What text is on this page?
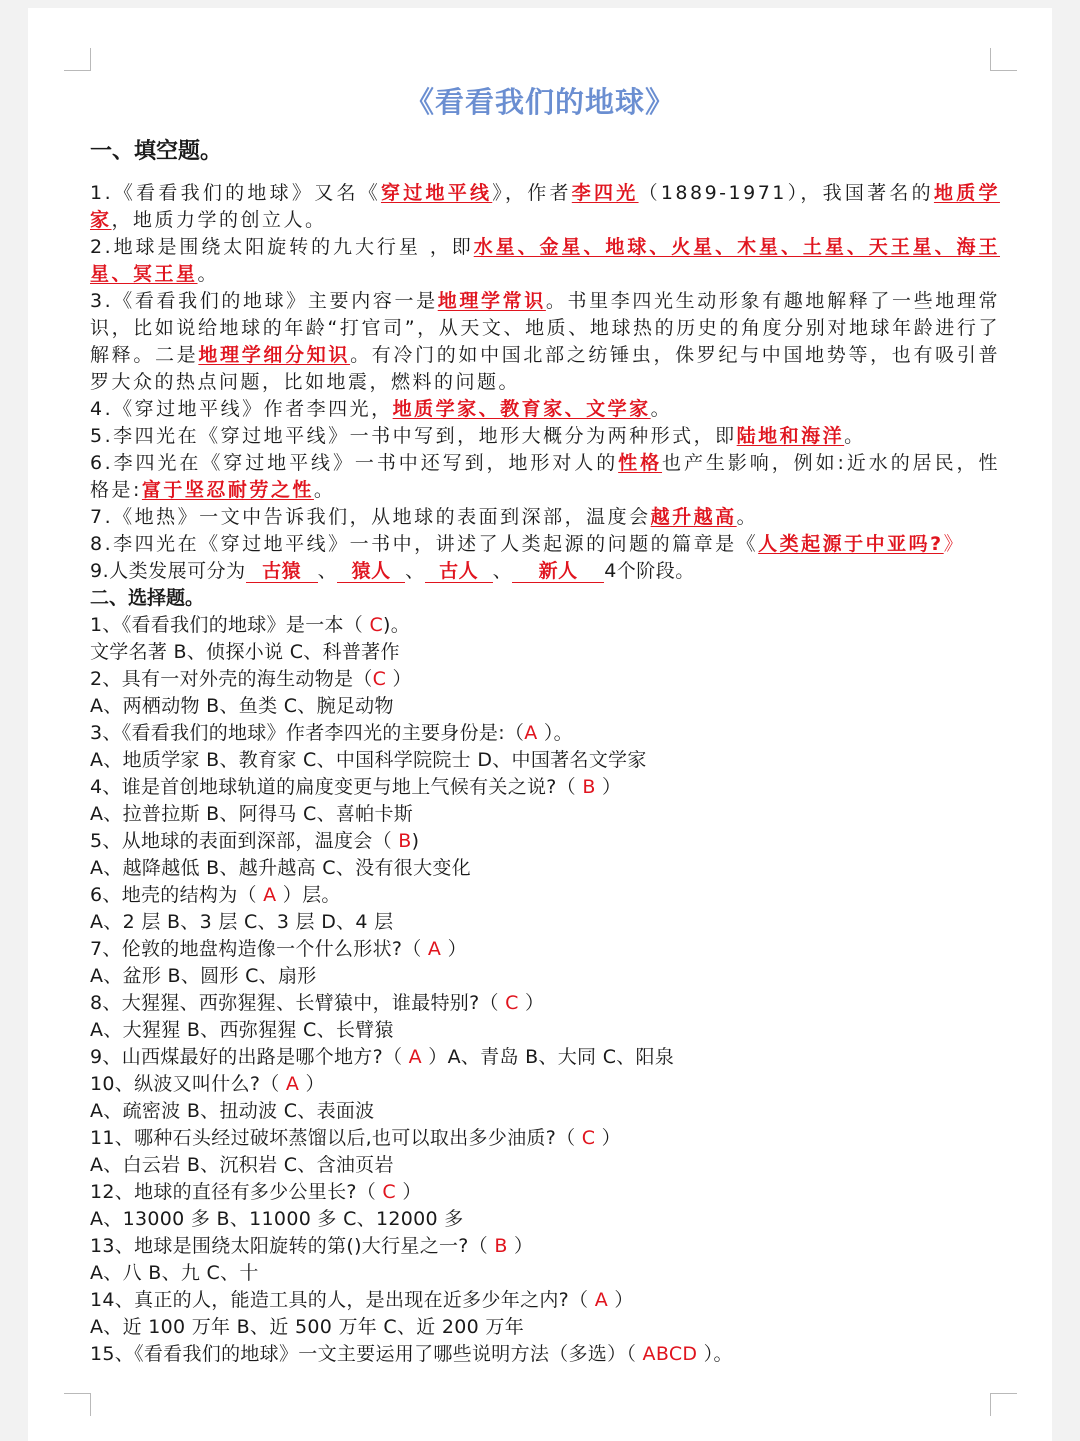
《看看我们的地球》
一、填空题。
1.《看看我们的地球》又名《穿过地平线》，作者李四光（1889-1971），我国著名的地质学家，地质力学的创立人。
2.地球是围绕太阳旋转的九大行星 ，即水星、金星、地球、火星、木星、土星、天王星、海王星、冥王星。
3.《看看我们的地球》主要内容一是地理学常识。书里李四光生动形象有趣地解释了一些地理常识，比如说给地球的年龄“打官司”，从天文、地质、地球热的历史的角度分别对地球年龄进行了解释。二是地理学细分知识。有冷门的如中国北部之纺锤虫，侏罗纪与中国地势等，也有吸引普罗大众的热点问题，比如地震，燃料的问题。
4.《穿过地平线》作者李四光，地质学家、教育家、文学家。
5.李四光在《穿过地平线》一书中写到，地形大概分为两种形式，即陆地和海洋。
6.李四光在《穿过地平线》一书中还写到，地形对人的性格也产生影响，例如:近水的居民，性格是:富于坚忍耐劳之性。
7.《地热》一文中告诉我们，从地球的表面到深部，温度会越升越高。
8.李四光在《穿过地平线》一书中，讲述了人类起源的问题的篇章是《人类起源于中亚吗?》
9.人类发展可分为 古猿 、 猿人 、 古人 、 新人 4个阶段。
二、选择题。
1、《看看我们的地球》是一本（ C)。
文学名著 B、侦探小说 C、科普著作
2、具有一对外壳的海生动物是（C ）
A、两栖动物 B、鱼类 C、腕足动物
3、《看看我们的地球》作者李四光的主要身份是:（A ）。
A、地质学家 B、教育家 C、中国科学院院士 D、中国著名文学家
4、谁是首创地球轨道的扁度变更与地上气候有关之说?（ B ）
A、拉普拉斯 B、阿得马 C、喜帕卡斯
5、从地球的表面到深部，温度会（ B)
A、越降越低 B、越升越高 C、没有很大变化
6、地壳的结构为（ A ）层。
A、2 层 B、3 层 C、3 层 D、4 层
7、伦敦的地盘构造像一个什么形状?（ A ）
A、盆形 B、圆形 C、扇形
8、大猩猩、西弥猩猩、长臂猿中，谁最特别?（ C ）
A、大猩猩 B、西弥猩猩 C、长臂猿
9、山西煤最好的出路是哪个地方?（ A ）A、青岛 B、大同 C、阳泉
10、纵波又叫什么?（ A ）
A、疏密波 B、扭动波 C、表面波
11、哪种石头经过破坏蒸馏以后,也可以取出多少油质?（ C ）
A、白云岩 B、沉积岩 C、含油页岩
12、地球的直径有多少公里长?（ C ）
A、13000 多 B、11000 多 C、12000 多
13、地球是围绕太阳旋转的第()大行星之一?（ B ）
A、八 B、九 C、十
14、真正的人，能造工具的人，是出现在近多少年之内?（ A ）
A、近 100 万年 B、近 500 万年 C、近 200 万年
15、《看看我们的地球》一文主要运用了哪些说明方法（多选）（ ABCD ）。
